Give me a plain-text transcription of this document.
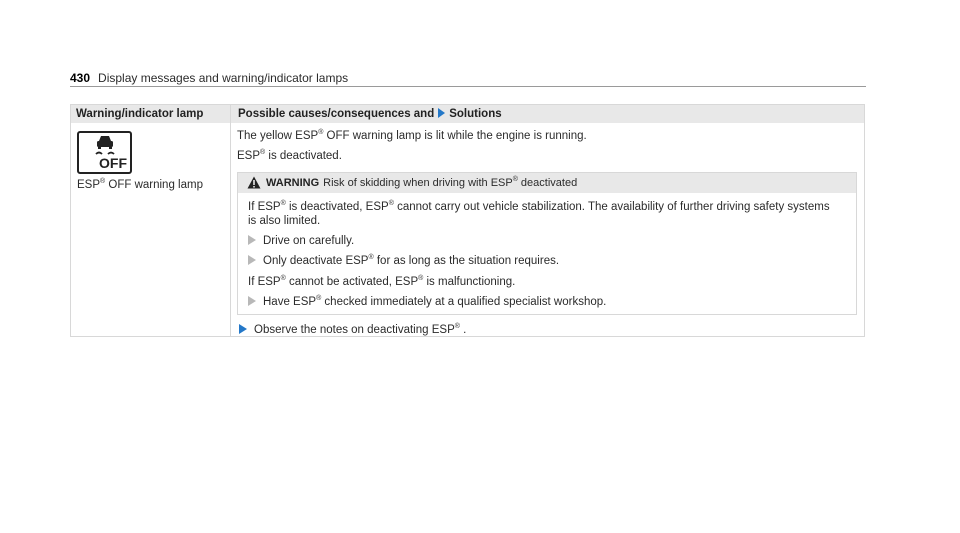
430 Display messages and warning/indicator lamps
Warning/indicator lamp	Possible causes/consequences and Solutions
OFF
ESP® OFF warning lamp
The yellow ESP® OFF warning lamp is lit while the engine is running.
ESP® is deactivated.
WARNING Risk of skidding when driving with ESP® deactivated
If ESP® is deactivated, ESP® cannot carry out vehicle stabilization. The availability of further driving safety systems
is also limited.
Drive on carefully.
Only deactivate ESP® for as long as the situation requires.
If ESP® cannot be activated, ESP® is malfunctioning.
Have ESP® checked immediately at a qualified specialist workshop.
Observe the notes on deactivating ESP® .
